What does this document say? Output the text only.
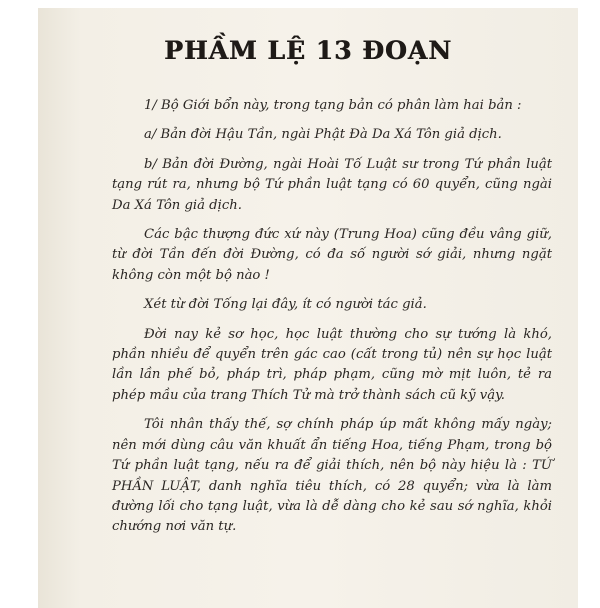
PHẦM LỆ 13 ĐOẠN

1/ Bộ Giới bổn này, trong tạng bản có phân làm hai bản :

a/ Bản đời Hậu Tần, ngài Phật Đà Da Xá Tôn giả dịch.

b/ Bản đời Đường, ngài Hoài Tố Luật sư trong Tứ phần luật tạng rút ra, nhưng bộ Tứ phần luật tạng có 60 quyển, cũng ngài Da Xá Tôn giả dịch.

Các bậc thượng đức xứ này (Trung Hoa) cũng đều vâng giữ, từ đời Tần đến đời Đường, có đa số người sớ giải, nhưng ngặt không còn một bộ nào !

Xét từ đời Tống lại đây, ít có người tác giả.

Đời nay kẻ sơ học, học luật thường cho sự tướng là khó, phần nhiều để quyển trên gác cao (cất trong tủ) nên sự học luật lần lần phế bỏ, pháp trì, pháp phạm, cũng mờ mịt luôn, tẻ ra phép mầu của trang Thích Tử mà trở thành sách cũ kỹ vậy.

Tôi nhân thấy thế, sợ chính pháp úp mất không mấy ngày; nên mới dùng câu văn khuất ẩn tiếng Hoa, tiếng Phạm, trong bộ Tứ phần luật tạng, nếu ra để giải thích, nên bộ này hiệu là : TỨ PHẦN LUẬT, danh nghĩa tiêu thích, có 28 quyển; vừa là làm đường lối cho tạng luật, vừa là dễ dàng cho kẻ sau sớ nghĩa, khỏi chướng nơi văn tự.
